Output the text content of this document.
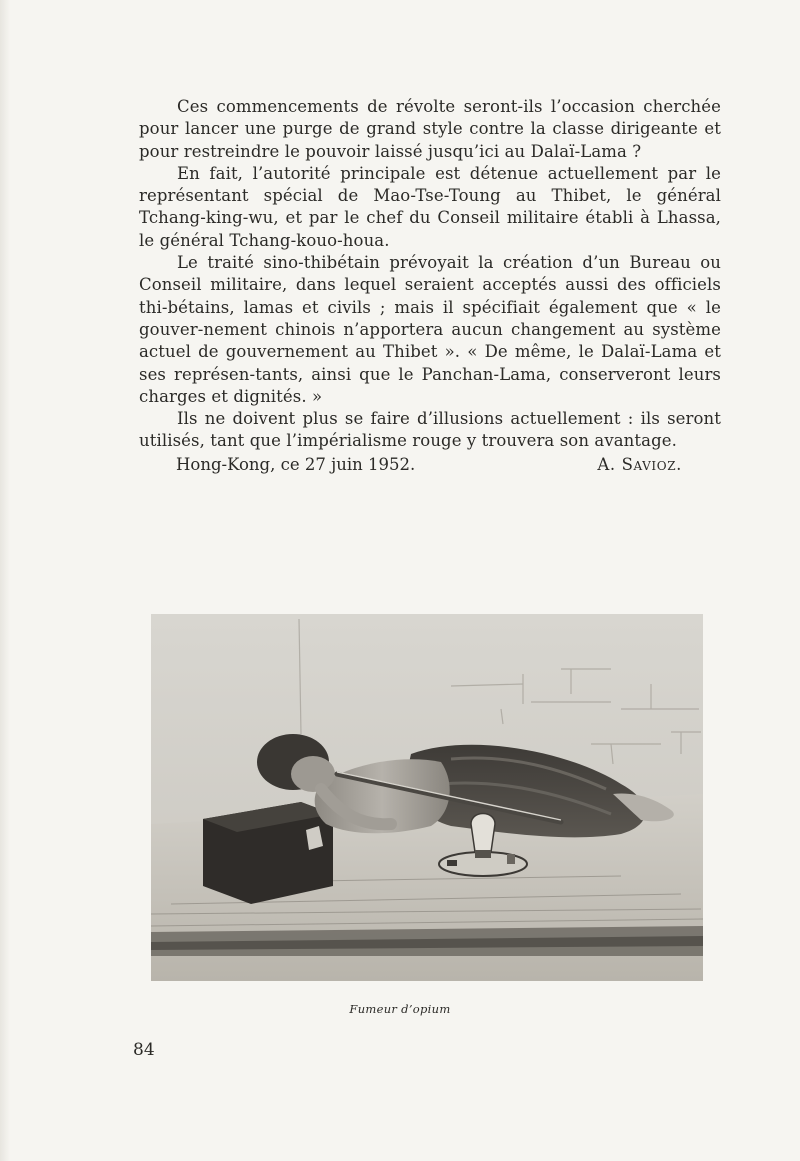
Ces commencements de révolte seront-ils l’occasion cherchée pour lancer une purge de grand style contre la classe dirigeante et pour restreindre le pouvoir laissé jusqu’ici au Dalaï-Lama ?

En fait, l’autorité principale est détenue actuellement par le représentant spécial de Mao-Tse-Toung au Thibet, le général Tchang-king-wu, et par le chef du Conseil militaire établi à Lhassa, le général Tchang-kouo-houa.

Le traité sino-thibétain prévoyait la création d’un Bureau ou Conseil militaire, dans lequel seraient acceptés aussi des officiels thi-bétains, lamas et civils ; mais il spécifiait également que « le gouver-nement chinois n’apportera aucun changement au système actuel de gouvernement au Thibet ». « De même, le Dalaï-Lama et ses représen-tants, ainsi que le Panchan-Lama, conserveront leurs charges et dignités. »

Ils ne doivent plus se faire d’illusions actuellement : ils seront utilisés, tant que l’impérialisme rouge y trouvera son avantage.

Hong-Kong, ce 27 juin 1952.	A. Savioz.
Fumeur d’opium
84
